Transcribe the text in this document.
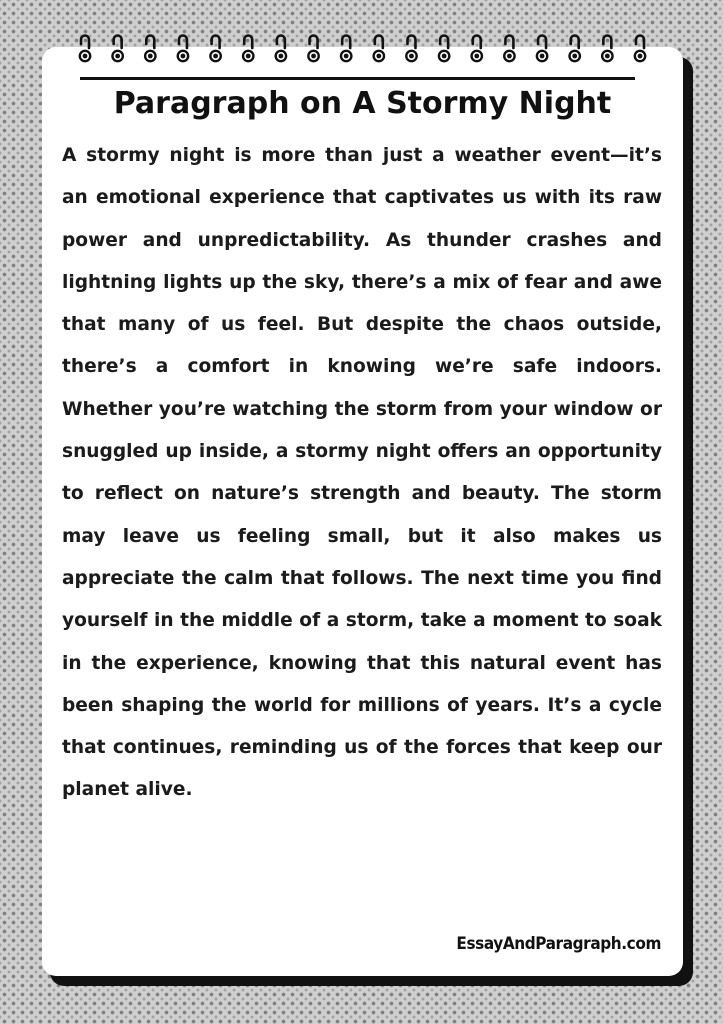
Paragraph on A Stormy Night

A stormy night is more than just a weather event—it’s an emotional experience that captivates us with its raw power and unpredictability. As thunder crashes and lightning lights up the sky, there’s a mix of fear and awe that many of us feel. But despite the chaos outside, there’s a comfort in knowing we’re safe indoors. Whether you’re watching the storm from your window or snuggled up inside, a stormy night offers an opportunity to reflect on nature’s strength and beauty. The storm may leave us feeling small, but it also makes us appreciate the calm that follows. The next time you find yourself in the middle of a storm, take a moment to soak in the experience, knowing that this natural event has been shaping the world for millions of years. It’s a cycle that continues, reminding us of the forces that keep our planet alive.

EssayAndParagraph.com
